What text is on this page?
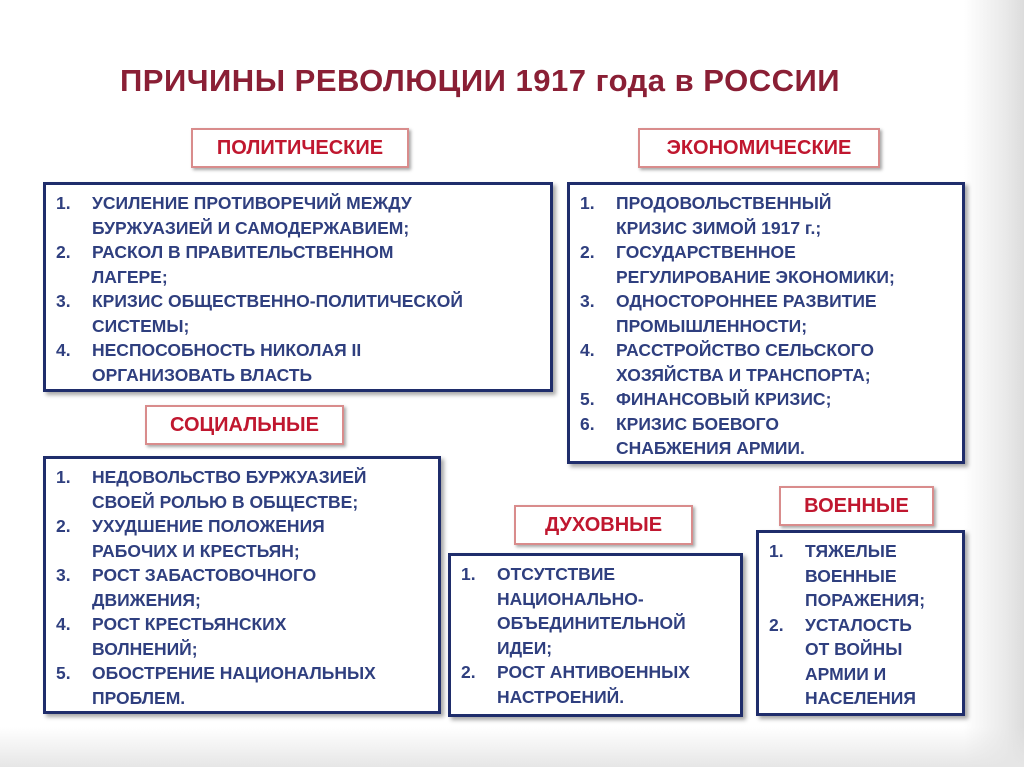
ПРИЧИНЫ РЕВОЛЮЦИИ 1917 года в РОССИИ
ПОЛИТИЧЕСКИЕ
1.	УСИЛЕНИЕ ПРОТИВОРЕЧИЙ МЕЖДУ
БУРЖУАЗИЕЙ И САМОДЕРЖАВИЕМ;
2.	РАСКОЛ В ПРАВИТЕЛЬСТВЕННОМ
ЛАГЕРЕ;
3.	КРИЗИС ОБЩЕСТВЕННО-ПОЛИТИЧЕСКОЙ
СИСТЕМЫ;
4.	НЕСПОСОБНОСТЬ НИКОЛАЯ II
ОРГАНИЗОВАТЬ ВЛАСТЬ
ЭКОНОМИЧЕСКИЕ
1.	ПРОДОВОЛЬСТВЕННЫЙ
КРИЗИС ЗИМОЙ 1917 г.;
2.	ГОСУДАРСТВЕННОЕ
РЕГУЛИРОВАНИЕ ЭКОНОМИКИ;
3.	ОДНОСТОРОННЕЕ РАЗВИТИЕ
ПРОМЫШЛЕННОСТИ;
4.	РАССТРОЙСТВО СЕЛЬСКОГО
ХОЗЯЙСТВА И ТРАНСПОРТА;
5.	ФИНАНСОВЫЙ КРИЗИС;
6.	КРИЗИС БОЕВОГО
СНАБЖЕНИЯ АРМИИ.
СОЦИАЛЬНЫЕ
1.	НЕДОВОЛЬСТВО БУРЖУАЗИЕЙ
СВОЕЙ РОЛЬЮ В ОБЩЕСТВЕ;
2.	УХУДШЕНИЕ ПОЛОЖЕНИЯ
РАБОЧИХ И КРЕСТЬЯН;
3.	РОСТ ЗАБАСТОВОЧНОГО
ДВИЖЕНИЯ;
4.	РОСТ КРЕСТЬЯНСКИХ
ВОЛНЕНИЙ;
5.	ОБОСТРЕНИЕ НАЦИОНАЛЬНЫХ
ПРОБЛЕМ.
ДУХОВНЫЕ
1.	ОТСУТСТВИЕ
НАЦИОНАЛЬНО-
ОБЪЕДИНИТЕЛЬНОЙ
ИДЕИ;
2.	РОСТ АНТИВОЕННЫХ
НАСТРОЕНИЙ.
ВОЕННЫЕ
1.	ТЯЖЕЛЫЕ
ВОЕННЫЕ
ПОРАЖЕНИЯ;
2.	УСТАЛОСТЬ
ОТ ВОЙНЫ
АРМИИ И
НАСЕЛЕНИЯ
